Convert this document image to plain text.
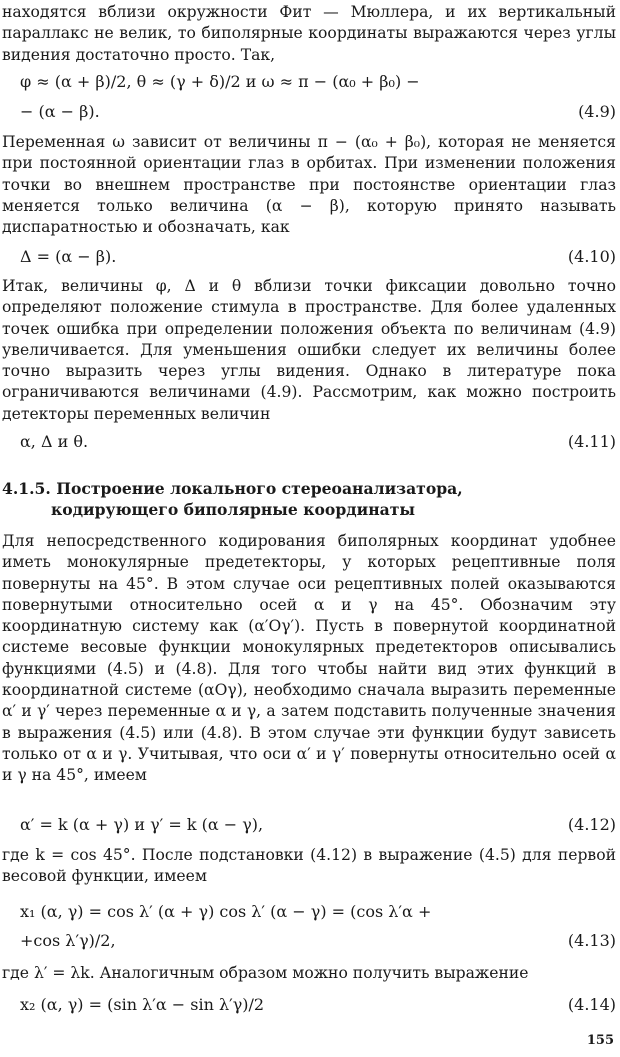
находятся вблизи окружности Фит — Мюллера, и их вертикальный параллакс не велик, то биполярные координаты выражаются через углы видения достаточно просто. Так,

φ ≈ (α + β)/2, θ ≈ (γ + δ)/2 и ω ≈ π − (α₀ + β₀) −
− (α − β).	(4.9)

Переменная ω зависит от величины π − (α₀ + β₀), которая не меняется при постоянной ориентации глаз в орбитах. При изменении положения точки во внешнем пространстве при постоянстве ориентации глаз меняется только величина (α − β), которую принято называть диспаратностью и обозначать, как

Δ = (α − β).	(4.10)

Итак, величины φ, Δ и θ вблизи точки фиксации довольно точно определяют положение стимула в пространстве. Для более удаленных точек ошибка при определении положения объекта по величинам (4.9) увеличивается. Для уменьшения ошибки следует их величины более точно выразить через углы видения. Однако в литературе пока ограничиваются величинами (4.9). Рассмотрим, как можно построить детекторы переменных величин

α, Δ и θ.	(4.11)
4.1.5. Построение локального стереоанализатора,
кодирующего биполярные координаты

Для непосредственного кодирования биполярных координат удобнее иметь монокулярные предетекторы, у которых рецептивные поля повернуты на 45°. В этом случае оси рецептивных полей оказываются повернутыми относительно осей α и γ на 45°. Обозначим эту координатную систему как (α′Oγ′). Пусть в повернутой координатной системе весовые функции монокулярных предетекторов описывались функциями (4.5) и (4.8). Для того чтобы найти вид этих функций в координатной системе (αOγ), необходимо сначала выразить переменные α′ и γ′ через переменные α и γ, а затем подставить полученные значения в выражения (4.5) или (4.8). В этом случае эти функции будут зависеть только от α и γ. Учитывая, что оси α′ и γ′ повернуты относительно осей α и γ на 45°, имеем

α′ = k (α + γ) и γ′ = k (α − γ),	(4.12)

где k = cos 45°. После подстановки (4.12) в выражение (4.5) для первой весовой функции, имеем

x₁ (α, γ) = cos λ′ (α + γ) cos λ′ (α − γ) = (cos λ′α +
+cos λ′γ)/2,	(4.13)

где λ′ = λk. Аналогичным образом можно получить выражение

x₂ (α, γ) = (sin λ′α − sin λ′γ)/2	(4.14)
155
